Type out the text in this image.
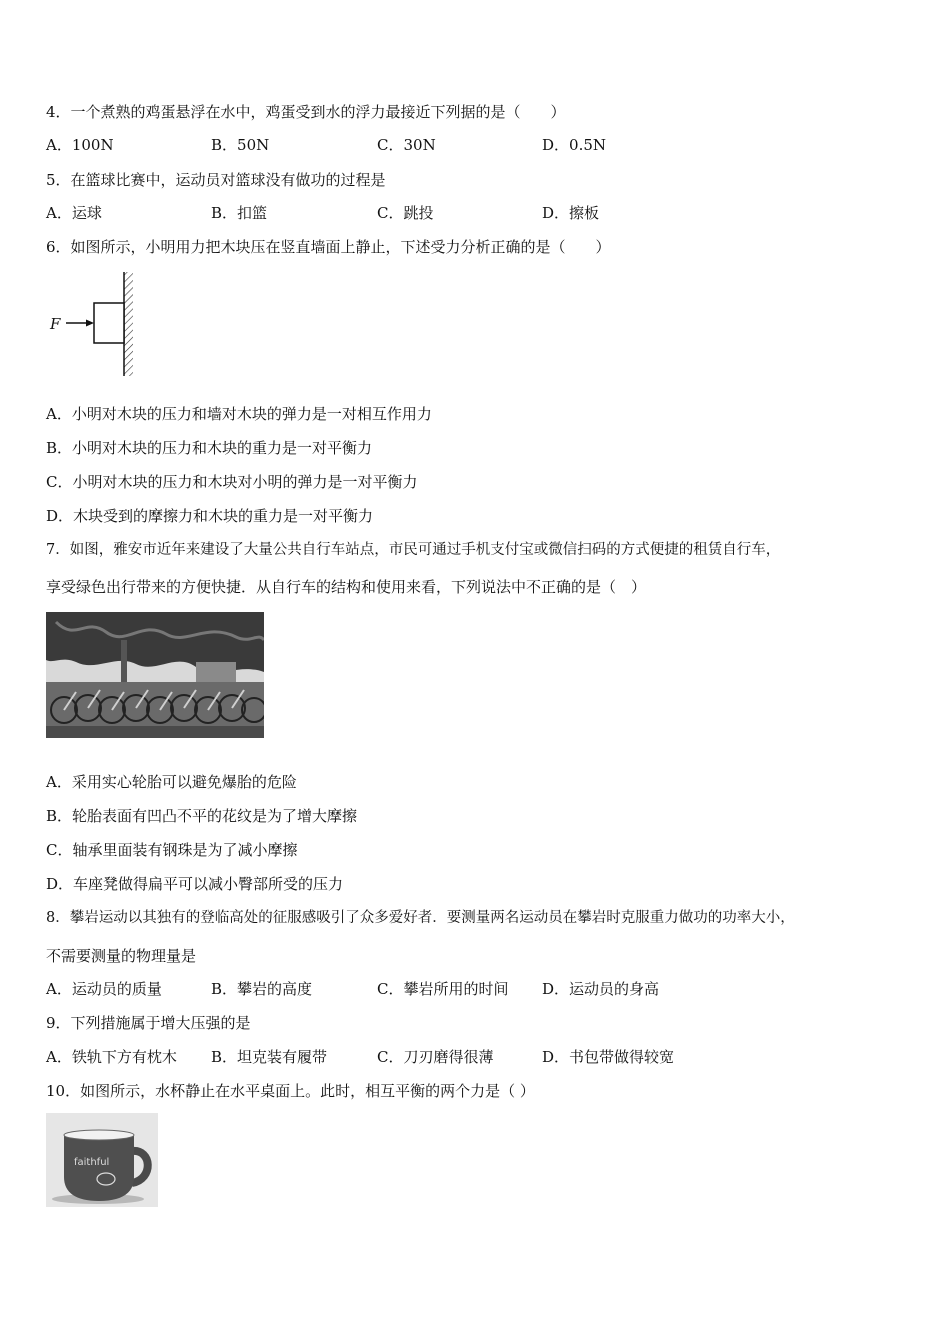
4．一个煮熟的鸡蛋悬浮在水中，鸡蛋受到水的浮力最接近下列据的是（　　）
A．100N	B．50N	C．30N	D．0.5N
5．在篮球比赛中，运动员对篮球没有做功的过程是
A．运球	B．扣篮	C．跳投	D．擦板
6．如图所示，小明用力把木块压在竖直墙面上静止，下述受力分析正确的是（　　）
F
A．小明对木块的压力和墙对木块的弹力是一对相互作用力
B．小明对木块的压力和木块的重力是一对平衡力
C．小明对木块的压力和木块对小明的弹力是一对平衡力
D．木块受到的摩擦力和木块的重力是一对平衡力
7．如图，雅安市近年来建设了大量公共自行车站点，市民可通过手机支付宝或微信扫码的方式便捷的租赁自行车，
享受绿色出行带来的方便快捷．从自行车的结构和使用来看，下列说法中不正确的是（　）
A．采用实心轮胎可以避免爆胎的危险
B．轮胎表面有凹凸不平的花纹是为了增大摩擦
C．轴承里面装有钢珠是为了减小摩擦
D．车座凳做得扁平可以减小臀部所受的压力
8．攀岩运动以其独有的登临高处的征服感吸引了众多爱好者．要测量两名运动员在攀岩时克服重力做功的功率大小，
不需要测量的物理量是
A．运动员的质量	B．攀岩的高度	C．攀岩所用的时间 D．运动员的身高
9．下列措施属于增大压强的是
A．铁轨下方有枕木 B．坦克装有履带	C．刀刃磨得很薄	D．书包带做得较宽
10．如图所示，水杯静止在水平桌面上。此时，相互平衡的两个力是（ ）
faithful
